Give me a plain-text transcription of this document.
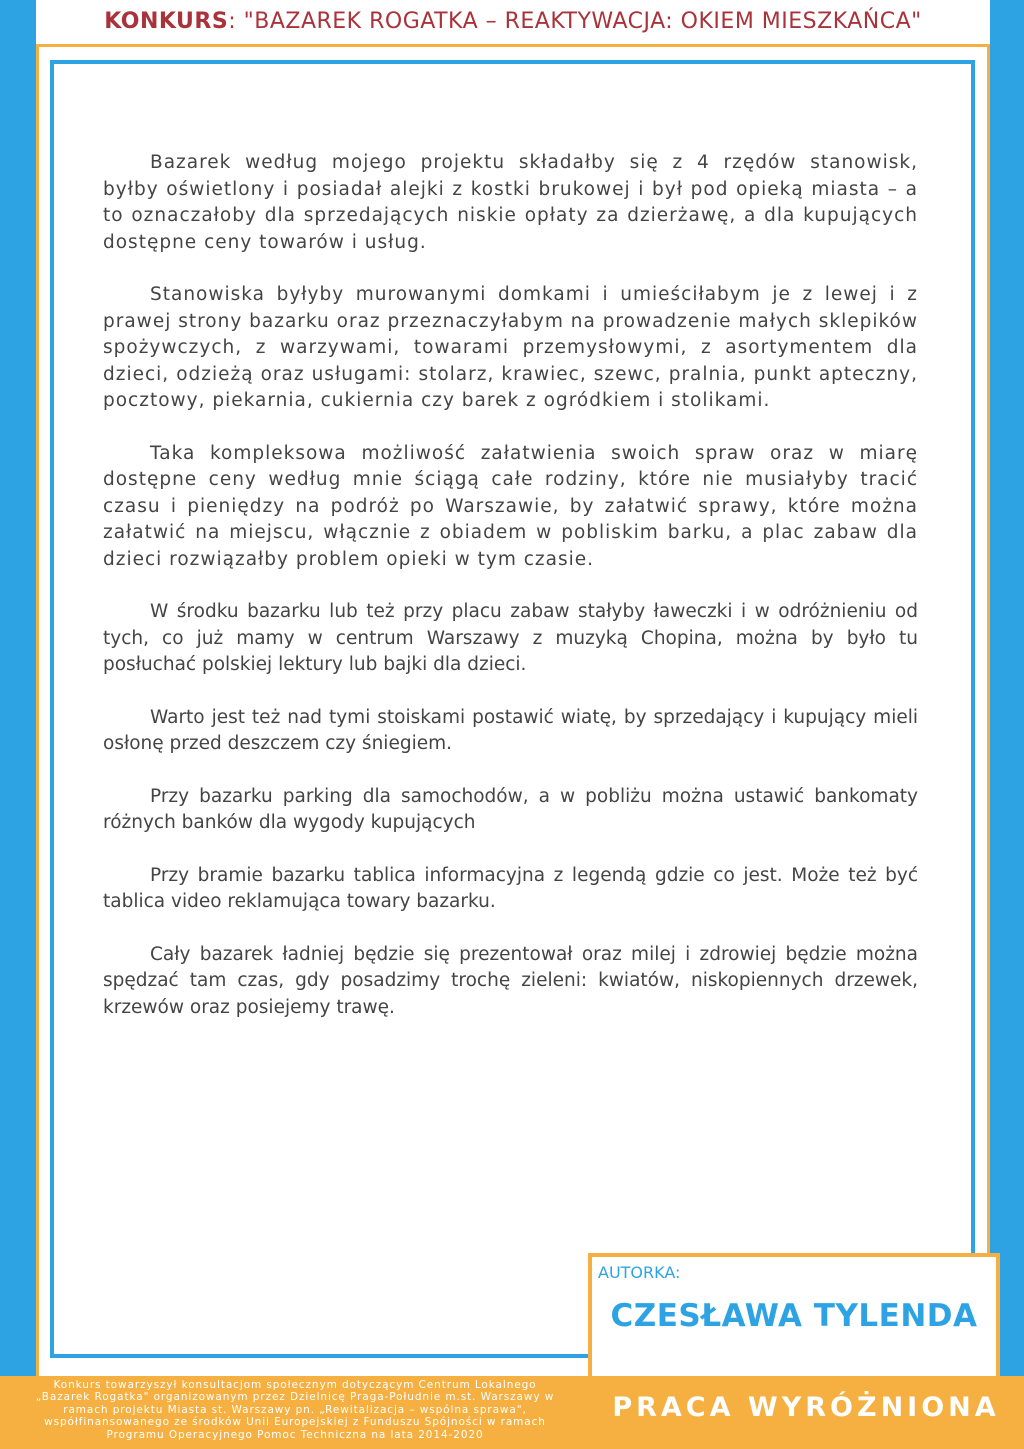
KONKURS: "BAZAREK ROGATKA – REAKTYWACJA: OKIEM MIESZKAŃCA"

Bazarek według mojego projektu składałby się z 4 rzędów stanowisk, byłby oświetlony i posiadał alejki z kostki brukowej i był pod opieką miasta – a to oznaczałoby dla sprzedających niskie opłaty za dzierżawę, a dla kupujących dostępne ceny towarów i usług.

Stanowiska byłyby murowanymi domkami i umieściłabym je z lewej i z prawej strony bazarku oraz przeznaczyłabym na prowadzenie małych sklepików spożywczych, z warzywami, towarami przemysłowymi, z asortymentem dla dzieci, odzieżą oraz usługami: stolarz, krawiec, szewc, pralnia, punkt apteczny, pocztowy, piekarnia, cukiernia czy barek z ogródkiem i stolikami.

Taka kompleksowa możliwość załatwienia swoich spraw oraz w miarę dostępne ceny według mnie ściągą całe rodziny, które nie musiałyby tracić czasu i pieniędzy na podróż po Warszawie, by załatwić sprawy, które można załatwić na miejscu, włącznie z obiadem w pobliskim barku, a plac zabaw dla dzieci rozwiązałby problem opieki w tym czasie.

W środku bazarku lub też przy placu zabaw stałyby ławeczki i w odróżnieniu od tych, co już mamy w centrum Warszawy z muzyką Chopina, można by było tu posłuchać polskiej lektury lub bajki dla dzieci.

Warto jest też nad tymi stoiskami postawić wiatę, by sprzedający i kupujący mieli osłonę przed deszczem czy śniegiem.

Przy bazarku parking dla samochodów, a w pobliżu można ustawić bankomaty różnych banków dla wygody kupujących

Przy bramie bazarku tablica informacyjna z legendą gdzie co jest. Może też być tablica video reklamująca towary bazarku.

Cały bazarek ładniej będzie się prezentował oraz milej i zdrowiej będzie można spędzać tam czas, gdy posadzimy trochę zieleni: kwiatów, niskopiennych drzewek, krzewów oraz posiejemy trawę.

AUTORKA:
CZESŁAWA TYLENDA
Konkurs towarzyszył konsultacjom społecznym dotyczącym Centrum Lokalnego „Bazarek Rogatka" organizowanym przez Dzielnicę Praga-Południe m.st. Warszawy w ramach projektu Miasta st. Warszawy pn. „Rewitalizacja – wspólna sprawa", współfinansowanego ze środków Unii Europejskiej z Funduszu Spójności w ramach Programu Operacyjnego Pomoc Techniczna na lata 2014-2020
PRACA WYRÓŻNIONA
